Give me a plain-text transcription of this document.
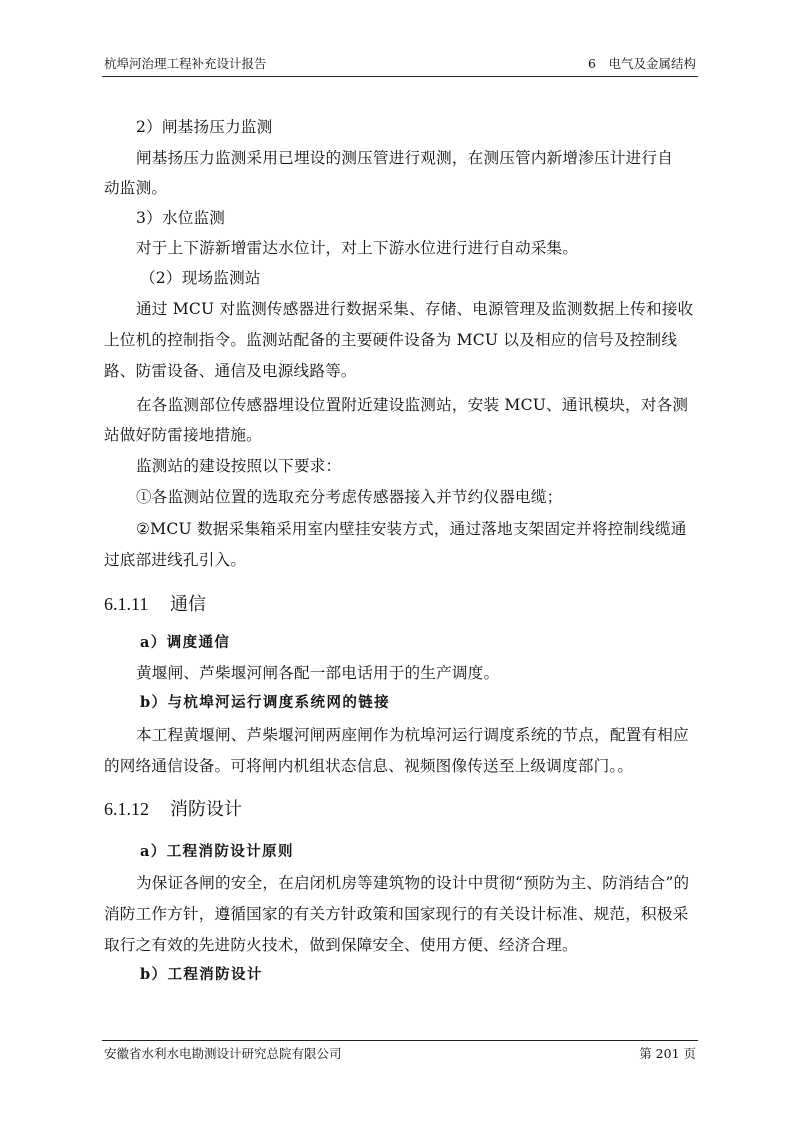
杭埠河治理工程补充设计报告	6　电气及金属结构
2）闸基扬压力监测
闸基扬压力监测采用已埋设的测压管进行观测，在测压管内新增渗压计进行自
动监测。
3）水位监测
对于上下游新增雷达水位计，对上下游水位进行进行自动采集。
（2）现场监测站
通过 MCU 对监测传感器进行数据采集、存储、电源管理及监测数据上传和接收
上位机的控制指令。监测站配备的主要硬件设备为 MCU 以及相应的信号及控制线
路、防雷设备、通信及电源线路等。
在各监测部位传感器埋设位置附近建设监测站，安装 MCU、通讯模块，对各测
站做好防雷接地措施。
监测站的建设按照以下要求：
①各监测站位置的选取充分考虑传感器接入并节约仪器电缆；
②MCU 数据采集箱采用室内壁挂安装方式，通过落地支架固定并将控制线缆通
过底部进线孔引入。
6.1.11 通信
a）调度通信
黄堰闸、芦柴堰河闸各配一部电话用于的生产调度。
b）与杭埠河运行调度系统网的链接
本工程黄堰闸、芦柴堰河闸两座闸作为杭埠河运行调度系统的节点，配置有相应
的网络通信设备。可将闸内机组状态信息、视频图像传送至上级调度部门。。
6.1.12 消防设计
a）工程消防设计原则
为保证各闸的安全，在启闭机房等建筑物的设计中贯彻“预防为主、防消结合”的
消防工作方针，遵循国家的有关方针政策和国家现行的有关设计标准、规范，积极采
取行之有效的先进防火技术，做到保障安全、使用方便、经济合理。
b）工程消防设计
安徽省水利水电勘测设计研究总院有限公司	第 201 页
